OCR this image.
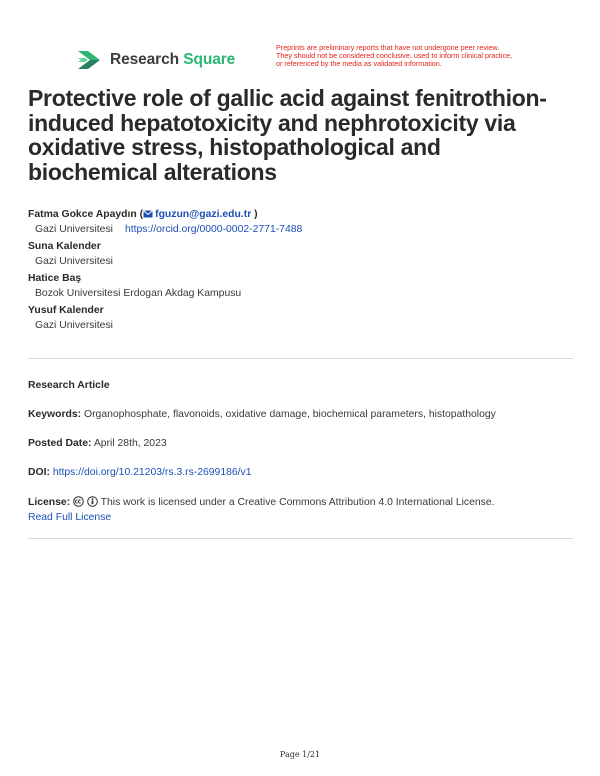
Research Square
Preprints are preliminary reports that have not undergone peer review.
They should not be considered conclusive, used to inform clinical practice,
or referenced by the media as validated information.
Protective role of gallic acid against fenitrothion-induced hepatotoxicity and nephrotoxicity via oxidative stress, histopathological and biochemical alterations
Fatma Gokce Apaydın ( fguzun@gazi.edu.tr )
Gazi Universitesi https://orcid.org/0000-0002-2771-7488
Suna Kalender
Gazi Universitesi
Hatice Baş
Bozok Universitesi Erdogan Akdag Kampusu
Yusuf Kalender
Gazi Universitesi
Research Article
Keywords: Organophosphate, flavonoids, oxidative damage, biochemical parameters, histopathology
Posted Date: April 28th, 2023
DOI: https://doi.org/10.21203/rs.3.rs-2699186/v1
License:	This work is licensed under a Creative Commons Attribution 4.0 International License.
Read Full License
Page 1/21
